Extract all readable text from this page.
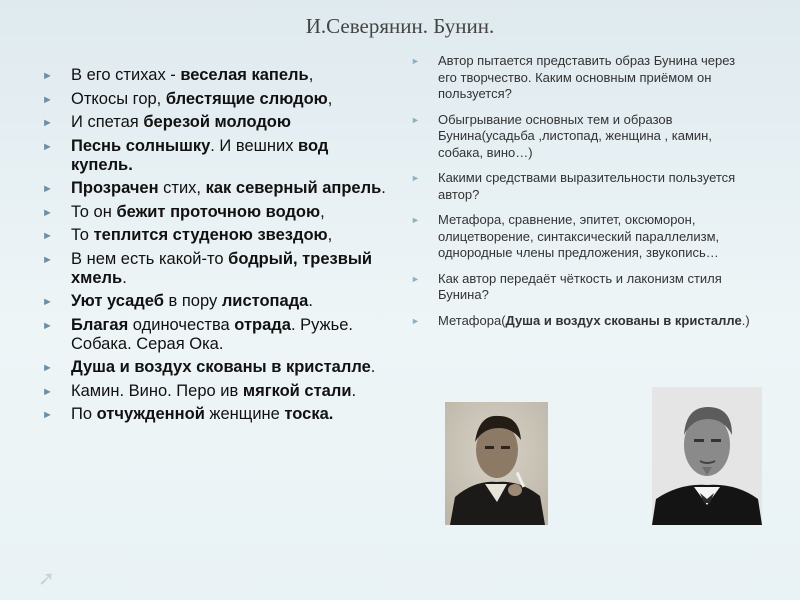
И.Северянин. Бунин.
► В его стихах - веселая капель,
► Откосы гор, блестящие слюдою,
► И спетая березой молодою
► Песнь солнышку. И вешних вод купель.
► Прозрачен стих, как северный апрель.
► То он бежит проточною водою,
► То теплится студеною звездою,
► В нем есть какой-то бодрый, трезвый хмель.
► Уют усадеб в пору листопада.
► Благая одиночества отрада. Ружье. Собака. Серая Ока.
► Душа и воздух скованы в кристалле.
► Камин. Вино. Перо ив мягкой стали.
► По отчужденной женщине тоска.
► Автор пытается представить образ Бунина через его творчество. Каким основным приёмом он пользуется?
► Обыгрывание основных тем и образов Бунина(усадьба ,листопад, женщина , камин, собака, вино…)
► Какими средствами выразительности пользуется автор?
► Метафора, сравнение, эпитет, оксюморон, олицетворение, синтаксический параллелизм, однородные члены предложения, звукопись…
► Как автор передаёт чёткость и лаконизм стиля Бунина?
► Метафора(Душа и воздух скованы в кристалле.)
➚
